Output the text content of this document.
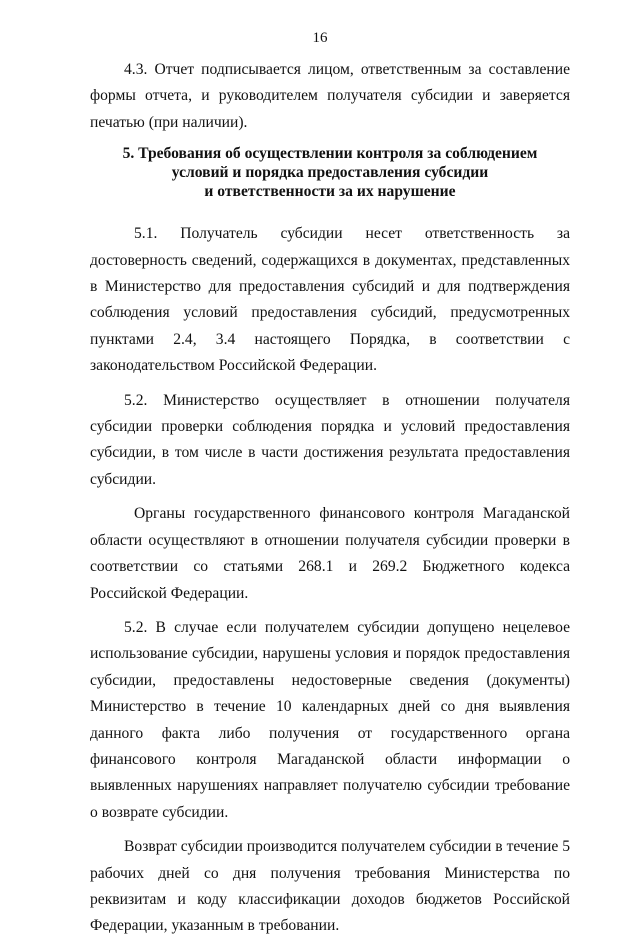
16

4.3. Отчет подписывается лицом, ответственным за составление формы отчета, и руководителем получателя субсидии и заверяется печатью (при наличии).

5. Требования об осуществлении контроля за соблюдением
условий и порядка предоставления субсидии
и ответственности за их нарушение

5.1. Получатель субсидии несет ответственность за достоверность сведений, содержащихся в документах, представленных в Министерство для предоставления субсидий и для подтверждения соблюдения условий предоставления субсидий, предусмотренных пунктами 2.4, 3.4 настоящего Порядка, в соответствии с законодательством Российской Федерации.

5.2. Министерство осуществляет в отношении получателя субсидии проверки соблюдения порядка и условий предоставления субсидии, в том числе в части достижения результата предоставления субсидии.

Органы государственного финансового контроля Магаданской области осуществляют в отношении получателя субсидии проверки в соответствии со статьями 268.1 и 269.2 Бюджетного кодекса Российской Федерации.

5.2. В случае если получателем субсидии допущено нецелевое использование субсидии, нарушены условия и порядок предоставления субсидии, предоставлены недостоверные сведения (документы) Министерство в течение 10 календарных дней со дня выявления данного факта либо получения от государственного органа финансового контроля Магаданской области информации о выявленных нарушениях направляет получателю субсидии требование о возврате субсидии.

Возврат субсидии производится получателем субсидии в течение 5 рабочих дней со дня получения требования Министерства по реквизитам и коду классификации доходов бюджетов Российской Федерации, указанным в требовании.
